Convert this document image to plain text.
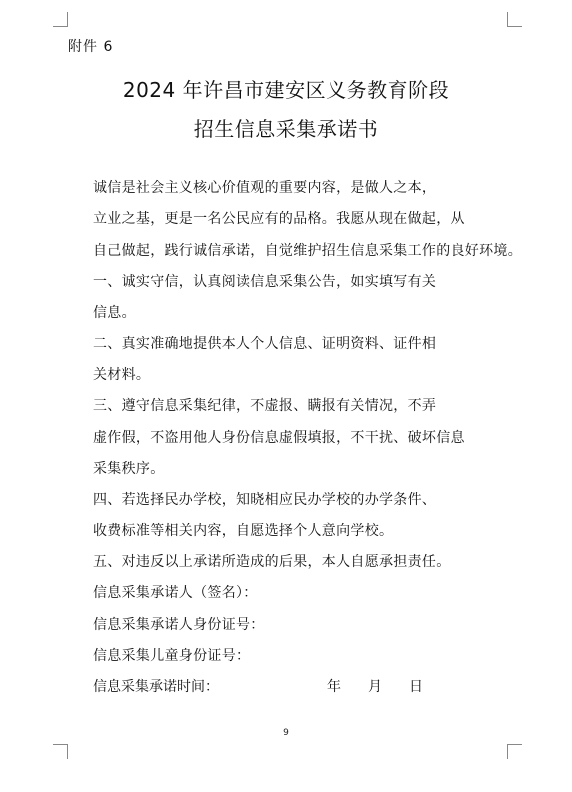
附件 6
2024 年许昌市建安区义务教育阶段
招生信息采集承诺书
诚信是社会主义核心价值观的重要内容，是做人之本，
立业之基，更是一名公民应有的品格。我愿从现在做起，从
自己做起，践行诚信承诺，自觉维护招生信息采集工作的良好环境。
一、诚实守信，认真阅读信息采集公告，如实填写有关
信息。
二、真实准确地提供本人个人信息、证明资料、证件相
关材料。
三、遵守信息采集纪律，不虚报、瞒报有关情况，不弄
虚作假，不盗用他人身份信息虚假填报，不干扰、破坏信息
采集秩序。
四、若选择民办学校，知晓相应民办学校的办学条件、
收费标准等相关内容，自愿选择个人意向学校。
五、对违反以上承诺所造成的后果，本人自愿承担责任。
信息采集承诺人（签名）：
信息采集承诺人身份证号：
信息采集儿童身份证号：
信息采集承诺时间：	年 月 日
9
